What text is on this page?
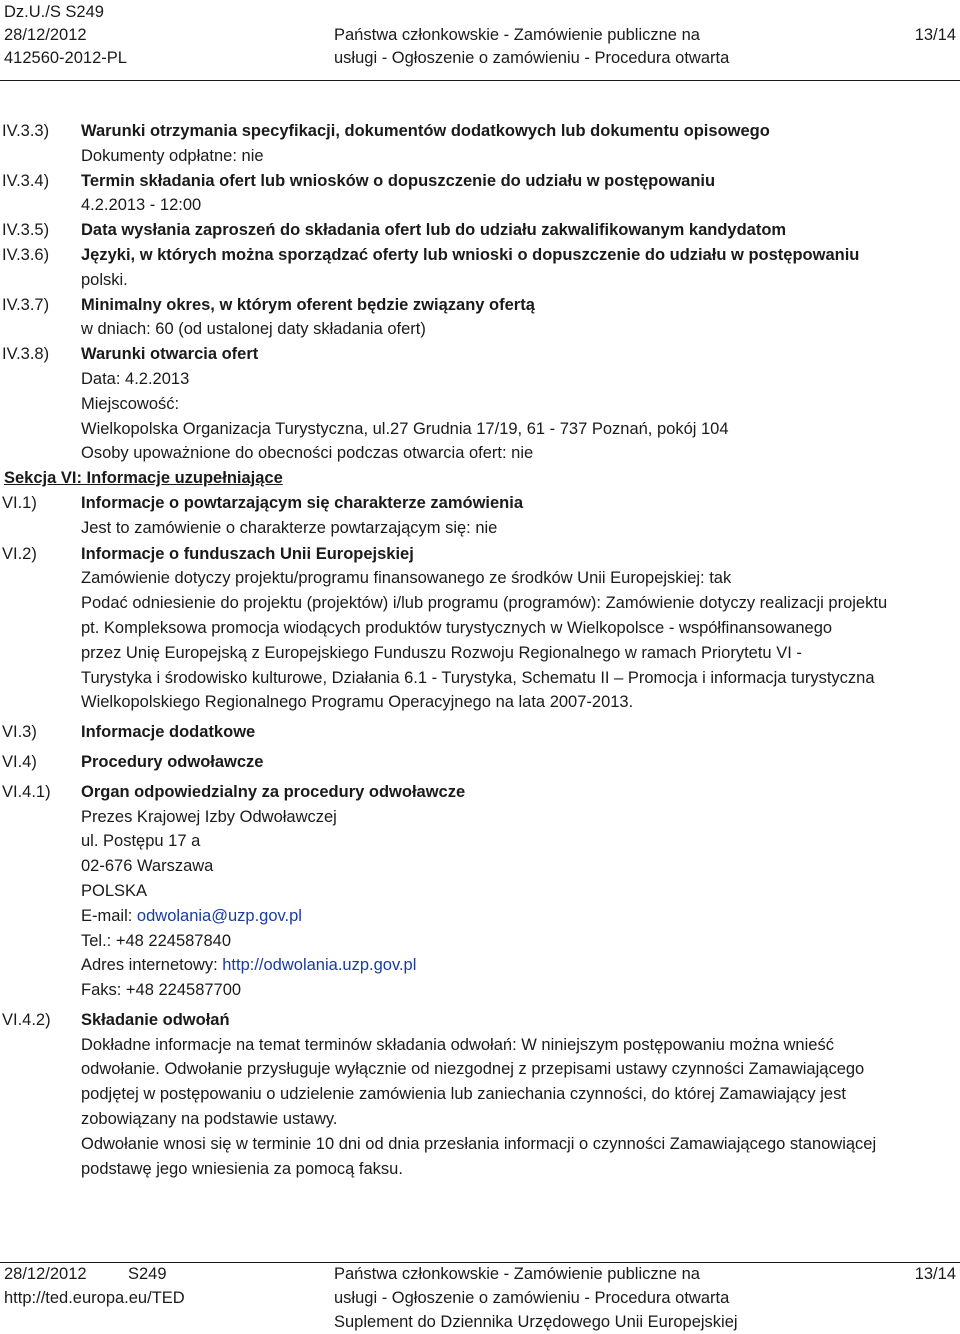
Dz.U./S S249
28/12/2012
412560-2012-PL
Państwa członkowskie - Zamówienie publiczne na
usługi - Ogłoszenie o zamówieniu - Procedura otwarta
13/14
IV.3.3)	Warunki otrzymania specyfikacji, dokumentów dodatkowych lub dokumentu opisowego
Dokumenty odpłatne: nie
IV.3.4)	Termin składania ofert lub wniosków o dopuszczenie do udziału w postępowaniu
4.2.2013 - 12:00
IV.3.5)	Data wysłania zaproszeń do składania ofert lub do udziału zakwalifikowanym kandydatom
IV.3.6)	Języki, w których można sporządzać oferty lub wnioski o dopuszczenie do udziału w postępowaniu
polski.
IV.3.7)	Minimalny okres, w którym oferent będzie związany ofertą
w dniach: 60 (od ustalonej daty składania ofert)
IV.3.8)	Warunki otwarcia ofert
Data: 4.2.2013
Miejscowość:
Wielkopolska Organizacja Turystyczna, ul.27 Grudnia 17/19, 61 - 737 Poznań, pokój 104
Osoby upoważnione do obecności podczas otwarcia ofert: nie
Sekcja VI: Informacje uzupełniające
VI.1)	Informacje o powtarzającym się charakterze zamówienia
Jest to zamówienie o charakterze powtarzającym się: nie
VI.2)	Informacje o funduszach Unii Europejskiej
Zamówienie dotyczy projektu/programu finansowanego ze środków Unii Europejskiej: tak
Podać odniesienie do projektu (projektów) i/lub programu (programów): Zamówienie dotyczy realizacji projektu
pt. Kompleksowa promocja wiodących produktów turystycznych w Wielkopolsce - współfinansowanego
przez Unię Europejską z Europejskiego Funduszu Rozwoju Regionalnego w ramach Priorytetu VI -
Turystyka i środowisko kulturowe, Działania 6.1 - Turystyka, Schematu II – Promocja i informacja turystyczna
Wielkopolskiego Regionalnego Programu Operacyjnego na lata 2007-2013.
VI.3)	Informacje dodatkowe
VI.4)	Procedury odwoławcze
VI.4.1)	Organ odpowiedzialny za procedury odwoławcze
Prezes Krajowej Izby Odwoławczej
ul. Postępu 17 a
02-676 Warszawa
POLSKA
E-mail: odwolania@uzp.gov.pl
Tel.: +48 224587840
Adres internetowy: http://odwolania.uzp.gov.pl
Faks: +48 224587700
VI.4.2)	Składanie odwołań
Dokładne informacje na temat terminów składania odwołań: W niniejszym postępowaniu można wnieść
odwołanie. Odwołanie przysługuje wyłącznie od niezgodnej z przepisami ustawy czynności Zamawiającego
podjętej w postępowaniu o udzielenie zamówienia lub zaniechania czynności, do której Zamawiający jest
zobowiązany na podstawie ustawy.
Odwołanie wnosi się w terminie 10 dni od dnia przesłania informacji o czynności Zamawiającego stanowiącej
podstawę jego wniesienia za pomocą faksu.
28/12/2012
http://ted.europa.eu/TED
S249	Państwa członkowskie - Zamówienie publiczne na
usługi - Ogłoszenie o zamówieniu - Procedura otwarta
Suplement do Dziennika Urzędowego Unii Europejskiej
13/14
